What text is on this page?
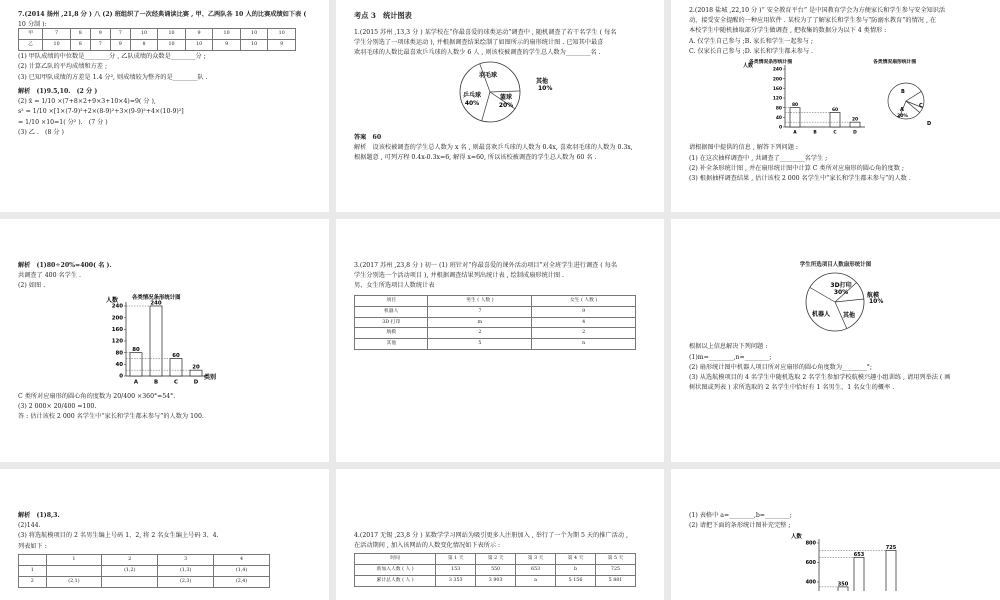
7.(2014 扬州 ,21,8 分 ) 八 (2) 班组织了一次经典诵读比赛 , 甲、乙两队各 10 人的比赛成绩如下表 (
10 分制 ):
甲	7	8	9	7	10	10	9	10	10	10
乙	10	8	7	9	8	10	10	9	10	9
(1) 甲队成绩的中位数是________分 , 乙队成绩的众数是________分 ;
(2) 计算乙队的平均成绩和方差 ;
(3) 已知甲队成绩的方差是 1.4 分², 则成绩较为整齐的是________队 .
解析　(1)9.5,10.　(2 分 )
(2) x̄ = 1/10 ×(7+8×2+9×3+10×4)=9( 分 ),
s² = 1/10 ×[1×(7-9)²+2×(8-9)²+3×(9-9)²+4×(10-9)²]
= 1/10 ×10=1( 分² ).　(7 分 )
(3) 乙 .　(8 分 )
考点 3　统计图表
1.(2015 苏州 ,13,3 分 ) 某学校在“你最喜爱的球类运动”调查中 , 随机调查了若干名学生 ( 每名
学生分别选了一项球类运动 ), 并根据调查结果绘制了如图所示的扇形统计图 . 已知其中最喜
欢羽毛球的人数比最喜欢乒乓球的人数少 6 人 , 则该校被调查的学生总人数为________名 .
羽毛球
其他
10%
乒乓球
40%
篮球
20%
答案　60
解析　设该校被调查的学生总人数为 x 名 , 则最喜欢乒乓球的人数为 0.4x, 喜欢羽毛球的人数为 0.3x,
根据题意 , 可列方程 0.4x-0.3x=6, 解得 x=60, 所以该校被调查的学生总人数为 60 名 .
2.(2018 盐城 ,22,10 分 )“ 安全教育平台” 是中国教育学会为方便家长和学生参与安全知识活
动、接受安全提醒的一种应用软件 . 某校为了了解家长和学生参与“防溺水教育”的情况 , 在
本校学生中随机抽取部分学生做调查 , 把收集的数据分为以下 4 类情形 :
A. 仅学生自己参与 ;B. 家长和学生一起参与 ;
C. 仅家长自己参与 ;D. 家长和学生都未参与 .
各类情况条形统计图	各类情况扇形统计图
人数
0
40
80
120
160
200
240
A
80
B	C
60
D
20
B
C
A
20%
D
请根据图中提供的信息 , 解答下列问题 :
(1) 在这次抽样调查中 , 共调查了________名学生 ;
(2) 补全条形统计图 , 并在扇形统计图中计算 C 类所对应扇形的圆心角的度数 ;
(3) 根据抽样调查结果 , 估计该校 2 000 名学生中“家长和学生都未参与”的人数 .
解析　(1)80÷20%=400( 名 ).
共调查了 400 名学生 .
(2) 如图 .
各类情况条形统计图
人数
类别
0
40
80
120
160
200
240
A
80
B
240
C
60
D
20
C 类所对应扇形的圆心角的度数为 20/400 ×360°=54°.
(3) 2 000× 20/400 =100.
答 : 估计该校 2 000 名学生中“家长和学生都未参与”的人数为 100.
3.(2017 苏州 ,23,8 分 ) 初一 (1) 班针对“你最喜爱的课外活动项目”对全班学生进行调查 ( 每名
学生分别选一个活动项目 ), 并根据调查结果列出统计表 , 绘制成扇形统计图 .
男、女生所选项目人数统计表
项目	男生 ( 人数 )	女生 ( 人数 )
机器人	7	9
3D 打印	m	4
航模	2	2
其他	5	n
学生所选项目人数扇形统计图
3D打印
30%	航模
10%
机器人 其他
根据以上信息解决下列问题 :
(1)m=________,n=________;
(2) 扇形统计图中机器人项目所对应扇形的圆心角度数为________°;
(3) 从选航模项目的 4 名学生中随机选取 2 名学生参加学校航模兴趣小组训练 , 请用列举法 ( 画
树状图或列表 ) 求所选取的 2 名学生中恰好有 1 名男生、1 名女生的概率 .
解析　(1)8,3.
(2)144.
(3) 将选航模项目的 2 名男生编上号码 1、2, 将 2 名女生编上号码 3、4.
列表如下 :
	1	2	3	4
1		(1,2)	(1,3)	(1,4)
2	(2,1)		(2,3)	(2,4)
4.(2017 无锡 ,23,8 分 ) 某数学学习网站为吸引更多人注册加入 , 举行了一个为期 5 天的推广活动 ,
在活动期间 , 加入该网站的人数变化情况如下表所示 :
时间	第 1 天	第 2 天	第 3 天	第 4 天	第 5 天
新加入人数 ( 人 )	153	550	653	b	725
累计总人数 ( 人 )	3 353	3 903	a	5 156	5 881
(1) 表格中 a=________,b=________;
(2) 请把下面的条形统计图补充完整 ;
人数
400
600
800
350
653
725
